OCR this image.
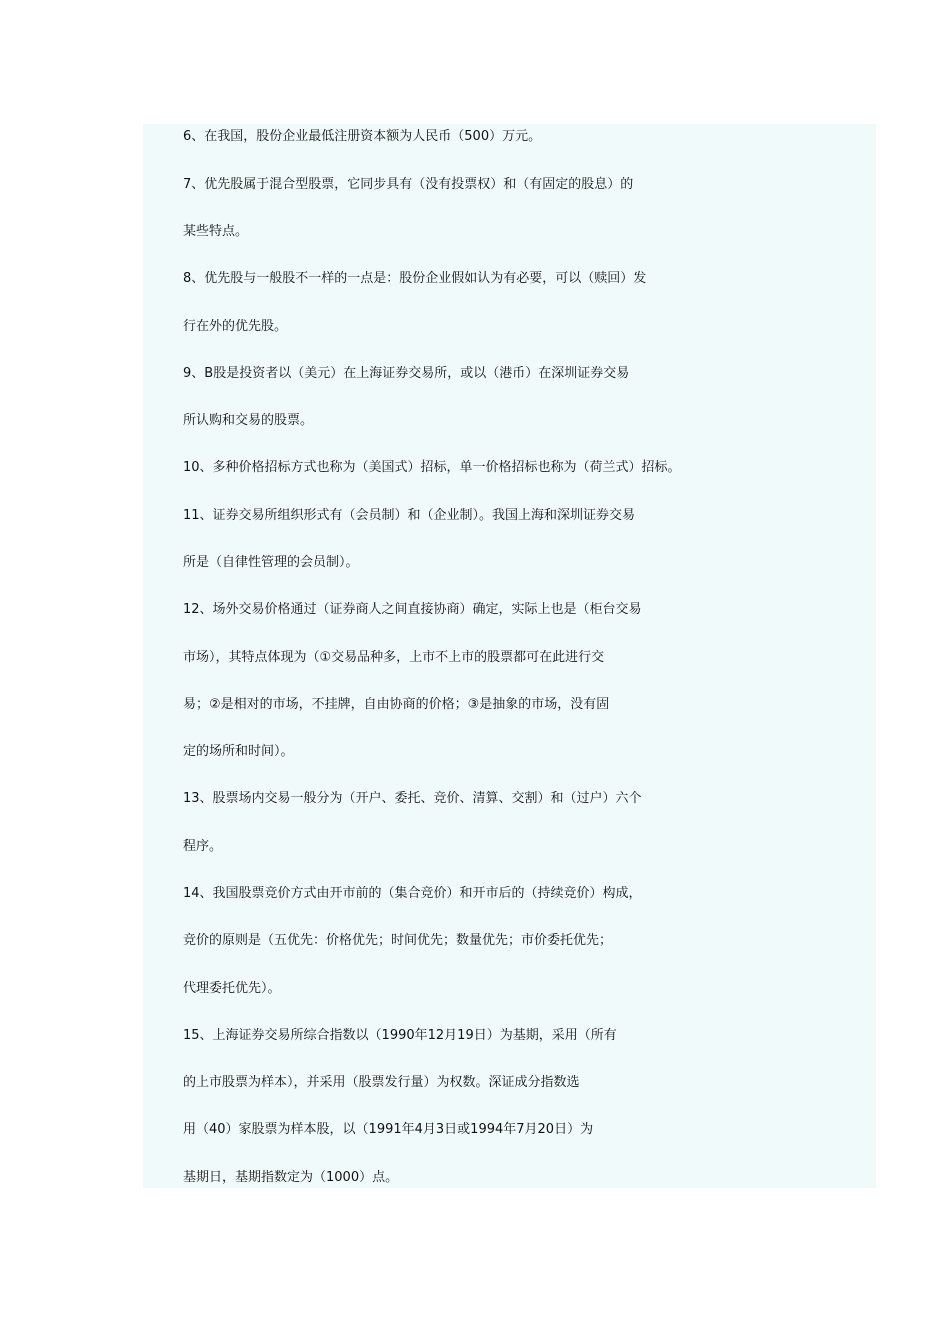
6、在我国，股份企业最低注册资本额为人民币（500）万元。
7、优先股属于混合型股票，它同步具有（没有投票权）和（有固定的股息）的
某些特点。
8、优先股与一般股不一样的一点是：股份企业假如认为有必要，可以（赎回）发
行在外的优先股。
9、B股是投资者以（美元）在上海证券交易所，或以（港币）在深圳证券交易
所认购和交易的股票。
10、多种价格招标方式也称为（美国式）招标，单一价格招标也称为（荷兰式）招标。
11、证券交易所组织形式有（会员制）和（企业制）。我国上海和深圳证券交易
所是（自律性管理的会员制）。
12、场外交易价格通过（证券商人之间直接协商）确定，实际上也是（柜台交易
市场），其特点体现为（①交易品种多，上市不上市的股票都可在此进行交
易；②是相对的市场，不挂牌，自由协商的价格；③是抽象的市场，没有固
定的场所和时间）。
13、股票场内交易一般分为（开户、委托、竞价、清算、交割）和（过户）六个
程序。
14、我国股票竞价方式由开市前的（集合竞价）和开市后的（持续竞价）构成，
竞价的原则是（五优先：价格优先；时间优先；数量优先；市价委托优先；
代理委托优先）。
15、上海证券交易所综合指数以（1990年12月19日）为基期，采用（所有
的上市股票为样本），并采用（股票发行量）为权数。深证成分指数选
用（40）家股票为样本股，以（1991年4月3日或1994年7月20日）为
基期日，基期指数定为（1000）点。
